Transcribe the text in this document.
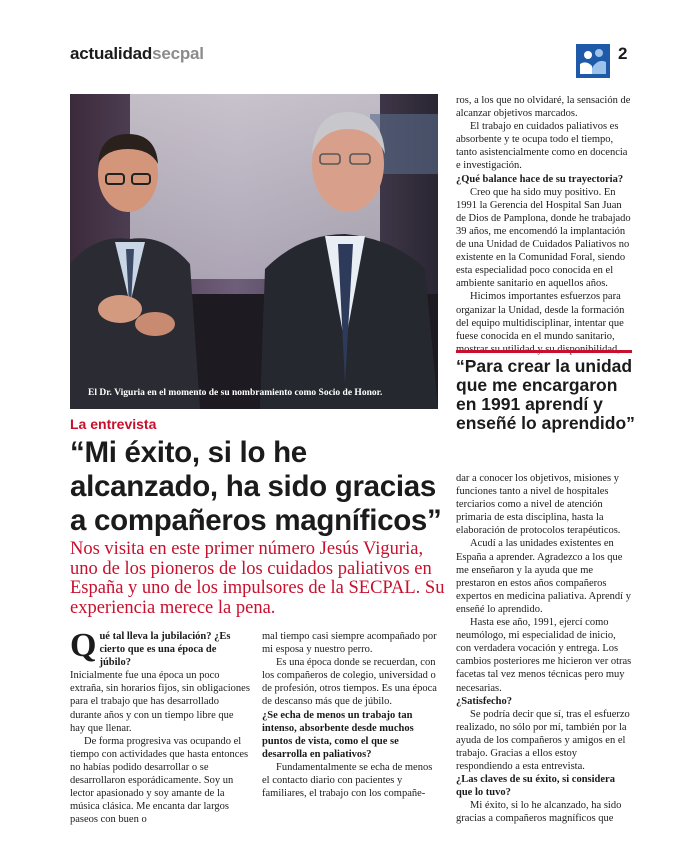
actualidadsecpal	2
El Dr. Viguria en el momento de su nombramiento como Socio de Honor.
La entrevista
“Mi éxito, si lo he alcanzado, ha sido gracias a compañeros magníficos”
Nos visita en este primer número Jesús Viguria, uno de los pioneros de los cuidados paliativos en España y uno de los impulsores de la SECPAL. Su experiencia merece la pena.
Q ué tal lleva la jubilación? ¿Es cierto que es una época de júbilo?

Inicialmente fue una época un poco extraña, sin horarios fijos, sin obligaciones para el trabajo que has desarrollado durante años y con un tiempo libre que hay que llenar.

De forma progresiva vas ocupando el tiempo con actividades que hasta entonces no habías podido desarrollar o se desarrollaron esporádicamente. Soy un lector apasionado y soy amante de la música clásica. Me encanta dar largos paseos con buen o

mal tiempo casi siempre acompañado por mi esposa y nuestro perro.

Es una época donde se recuerdan, con los compañeros de colegio, universidad o de profesión, otros tiempos. Es una época de descanso más que de júbilo.

¿Se echa de menos un trabajo tan intenso, absorbente desde muchos puntos de vista, como el que se desarrolla en paliativos?

Fundamentalmente se echa de menos el contacto diario con pacientes y familiares, el trabajo con los compañe-

ros, a los que no olvidaré, la sensación de alcanzar objetivos marcados.

El trabajo en cuidados paliativos es absorbente y te ocupa todo el tiempo, tanto asistencialmente como en docencia e investigación.

¿Qué balance hace de su trayectoria?

Creo que ha sido muy positivo. En 1991 la Gerencia del Hospital San Juan de Dios de Pamplona, donde he trabajado 39 años, me encomendó la implantación de una Unidad de Cuidados Paliativos no existente en la Comunidad Foral, siendo esta especialidad poco conocida en el ambiente sanitario en aquellos años.

Hicimos importantes esfuerzos para organizar la Unidad, desde la formación del equipo multidisciplinar, intentar que fuese conocida en el mundo sanitario,

“Para crear la unidad que me encargaron en 1991 aprendí y enseñé lo aprendido”

dar a conocer los objetivos, misiones y funciones tanto a nivel de hospitales terciarios como a nivel de atención primaria de esta disciplina, hasta la elaboración de protocolos terapéuticos.

Acudí a las unidades existentes en España a aprender. Agradezco a los que me enseñaron y la ayuda que me prestaron en estos años compañeros expertos en medicina paliativa. Aprendí y enseñé lo aprendido.

Hasta ese año, 1991, ejercí como neumólogo, mi especialidad de inicio, con verdadera vocación y entrega. Los cambios posteriores me hicieron ver otras facetas tal vez menos técnicas pero muy necesarias.

¿Satisfecho?

Se podría decir que sí, tras el esfuerzo realizado, no sólo por mí, también por la ayuda de los compañeros y amigos en el trabajo. Gracias a ellos estoy respondiendo a esta entrevista.

¿Las claves de su éxito, si considera que lo tuvo?

Mi éxito, si lo he alcanzado, ha sido gracias a compañeros magníficos que
